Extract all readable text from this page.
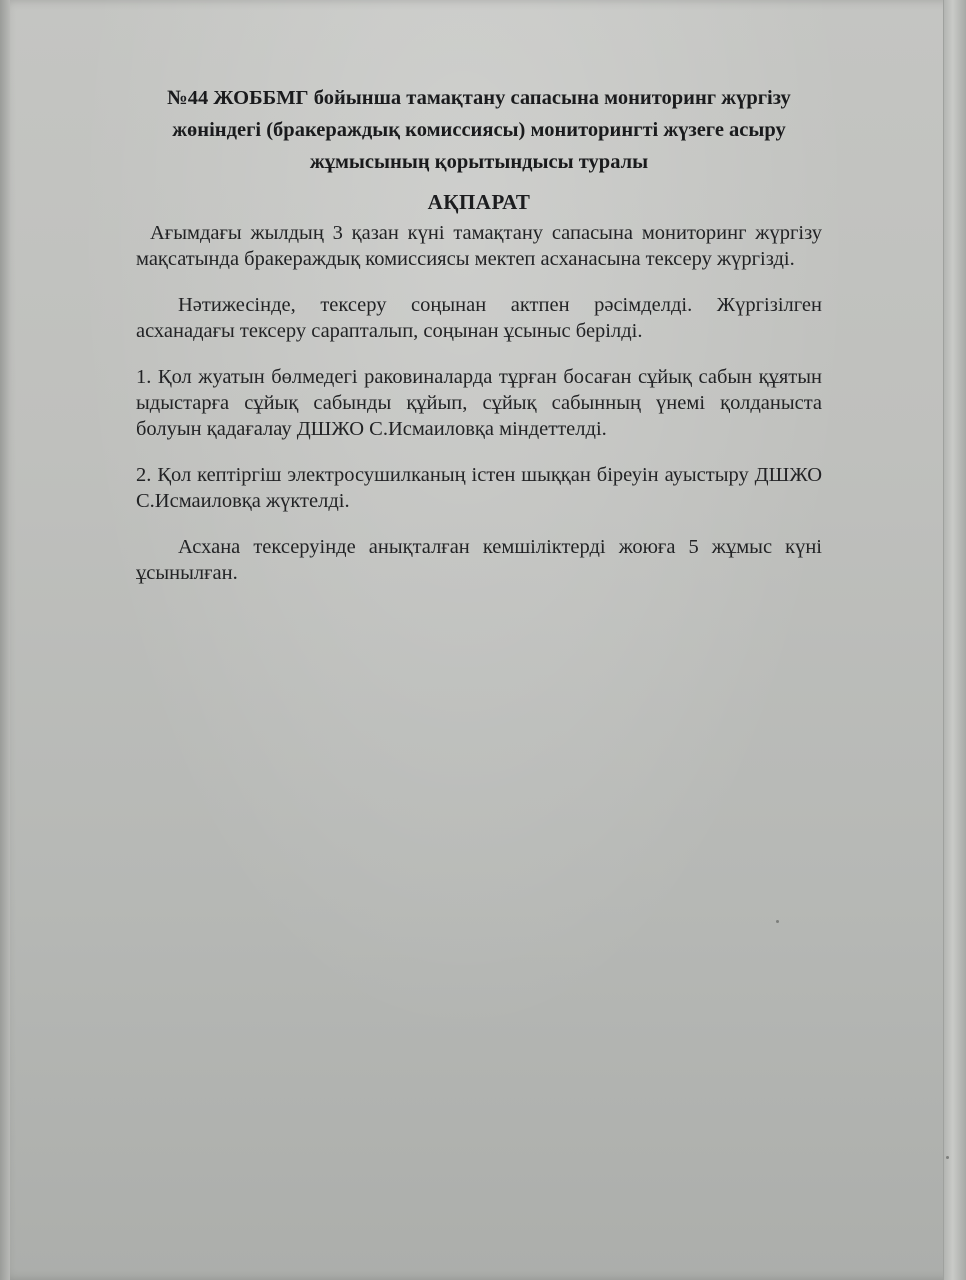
№44 ЖОББМГ бойынша тамақтану сапасына мониторинг жүргізу жөніндегі (бракераждық комиссиясы) мониторингті жүзеге асыру жұмысының қорытындысы туралы

АҚПАРАТ

Ағымдағы жылдың 3 қазан күні тамақтану сапасына мониторинг жүргізу мақсатында бракераждық комиссиясы мектеп асханасына тексеру жүргізді.

Нәтижесінде, тексеру соңынан актпен рәсімделді. Жүргізілген асханадағы тексеру сарапталып, соңынан ұсыныс берілді.

1. Қол жуатын бөлмедегі раковиналарда тұрған босаған сұйық сабын құятын ыдыстарға сұйық сабынды құйып, сұйық сабынның үнемі қолданыста болуын қадағалау ДШЖО С.Исмаиловқа міндеттелді.

2. Қол кептіргіш электросушилканың істен шыққан біреуін ауыстыру ДШЖО С.Исмаиловқа жүктелді.

Асхана тексеруінде анықталған кемшіліктерді жоюға 5 жұмыс күні ұсынылған.
